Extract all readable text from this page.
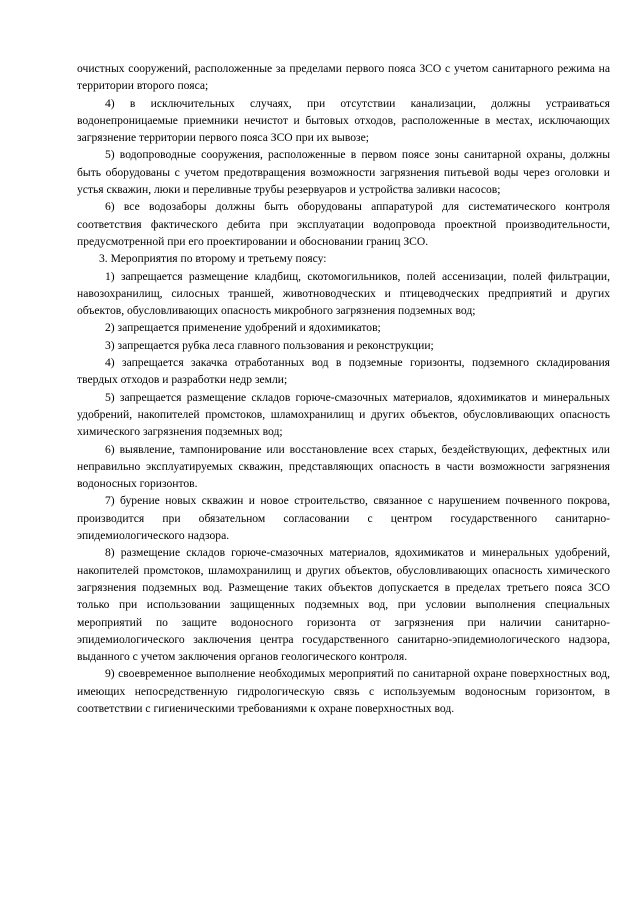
очистных сооружений, расположенные за пределами первого пояса ЗСО с учетом санитарного режима на территории второго пояса;

4) в исключительных случаях, при отсутствии канализации, должны устраиваться водонепроницаемые приемники нечистот и бытовых отходов, расположенные в местах, исключающих загрязнение территории первого пояса ЗСО при их вывозе;

5) водопроводные сооружения, расположенные в первом поясе зоны санитарной охраны, должны быть оборудованы с учетом предотвращения возможности загрязнения питьевой воды через оголовки и устья скважин, люки и переливные трубы резервуаров и устройства заливки насосов;

6) все водозаборы должны быть оборудованы аппаратурой для систематического контроля соответствия фактического дебита при эксплуатации водопровода проектной производительности, предусмотренной при его проектировании и обосновании границ ЗСО.

3. Мероприятия по второму и третьему поясу:

1) запрещается размещение кладбищ, скотомогильников, полей ассенизации, полей фильтрации, навозохранилищ, силосных траншей, животноводческих и птицеводческих предприятий и других объектов, обусловливающих опасность микробного загрязнения подземных вод;

2) запрещается применение удобрений и ядохимикатов;

3) запрещается рубка леса главного пользования и реконструкции;

4) запрещается закачка отработанных вод в подземные горизонты, подземного складирования твердых отходов и разработки недр земли;

5) запрещается размещение складов горюче-смазочных материалов, ядохимикатов и минеральных удобрений, накопителей промстоков, шламохранилищ и других объектов, обусловливающих опасность химического загрязнения подземных вод;

6) выявление, тампонирование или восстановление всех старых, бездействующих, дефектных или неправильно эксплуатируемых скважин, представляющих опасность в части возможности загрязнения водоносных горизонтов.

7) бурение новых скважин и новое строительство, связанное с нарушением почвенного покрова, производится при обязательном согласовании с центром государственного санитарно-эпидемиологического надзора.

8) размещение складов горюче-смазочных материалов, ядохимикатов и минеральных удобрений, накопителей промстоков, шламохранилищ и других объектов, обусловливающих опасность химического загрязнения подземных вод. Размещение таких объектов допускается в пределах третьего пояса ЗСО только при использовании защищенных подземных вод, при условии выполнения специальных мероприятий по защите водоносного горизонта от загрязнения при наличии санитарно-эпидемиологического заключения центра государственного санитарно-эпидемиологического надзора, выданного с учетом заключения органов геологического контроля.

9) своевременное выполнение необходимых мероприятий по санитарной охране поверхностных вод, имеющих непосредственную гидрологическую связь с используемым водоносным горизонтом, в соответствии с гигиеническими требованиями к охране поверхностных вод.
